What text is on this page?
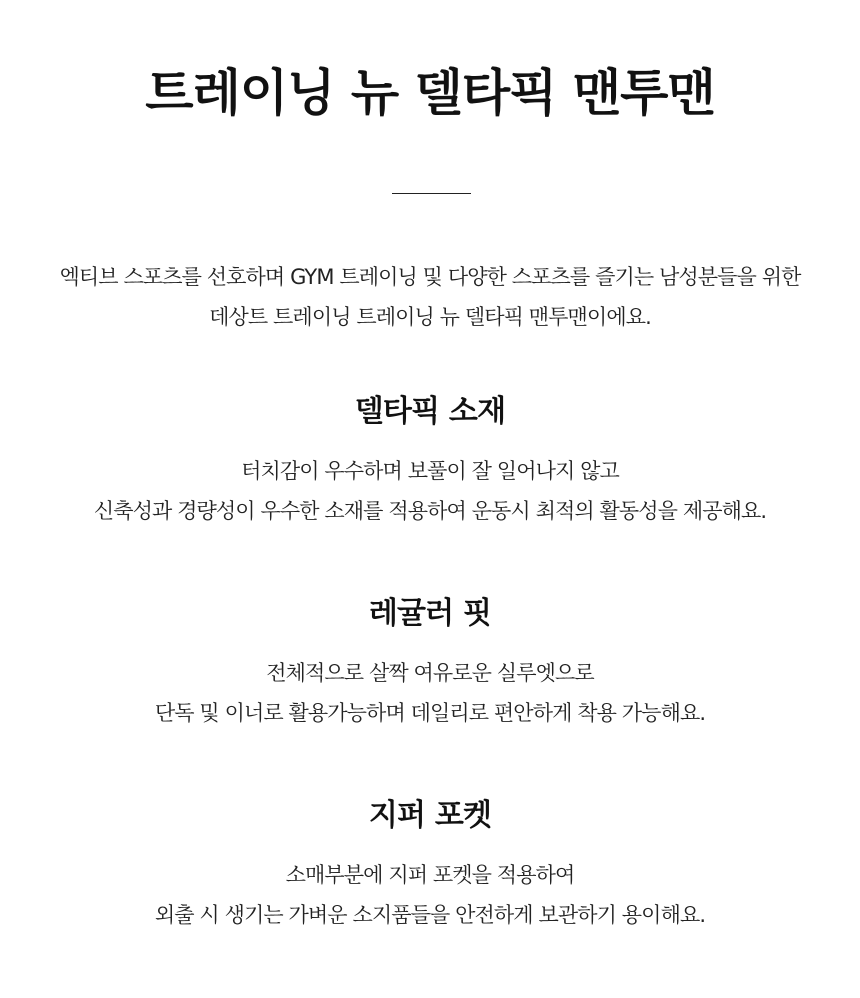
트레이닝 뉴 델타픽 맨투맨

엑티브 스포츠를 선호하며 GYM 트레이닝 및 다양한 스포츠를 즐기는 남성분들을 위한
데상트 트레이닝 트레이닝 뉴 델타픽 맨투맨이에요.

델타픽 소재

터치감이 우수하며 보풀이 잘 일어나지 않고
신축성과 경량성이 우수한 소재를 적용하여 운동시 최적의 활동성을 제공해요.

레귤러 핏

전체적으로 살짝 여유로운 실루엣으로
단독 및 이너로 활용가능하며 데일리로 편안하게 착용 가능해요.

지퍼 포켓

소매부분에 지퍼 포켓을 적용하여
외출 시 생기는 가벼운 소지품들을 안전하게 보관하기 용이해요.
